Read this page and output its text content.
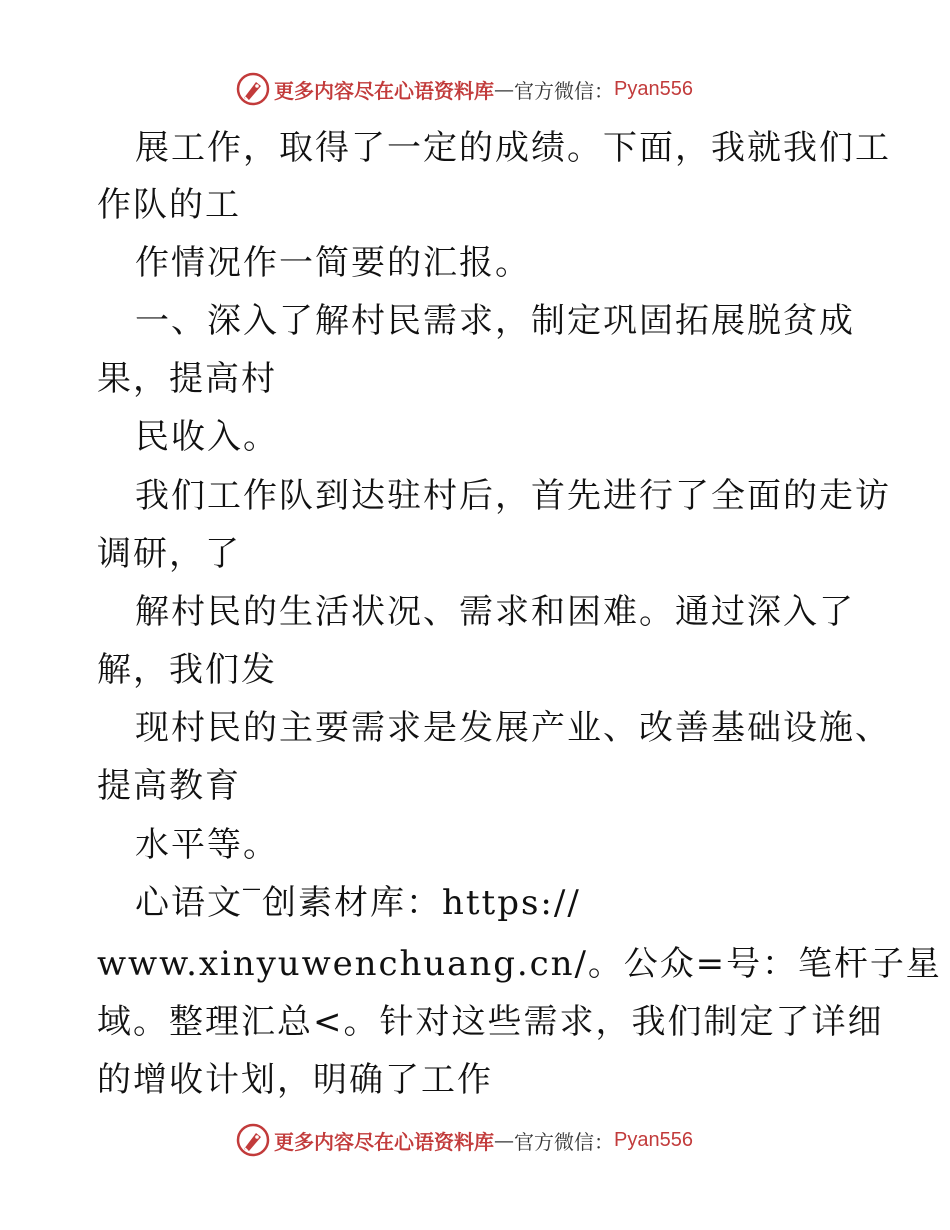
更多内容尽在心语资料库 — 官方微信： Pyan556
展工作，取得了一定的成绩。下面，我就我们工
作队的工
作情况作一简要的汇报。
一、深入了解村民需求，制定巩固拓展脱贫成
果，提高村
民收入。
我们工作队到达驻村后，首先进行了全面的走访
调研，了
解村民的生活状况、需求和困难。通过深入了
解，我们发
现村民的主要需求是发展产业、改善基础设施、
提高教育
水平等。
心语文‾创素材库：https://
www.xinyuwenchuang.cn/。公众=号：笔杆子星
域。整理汇总<。针对这些需求，我们制定了详细
的增收计划，明确了工作
更多内容尽在心语资料库 — 官方微信： Pyan556
